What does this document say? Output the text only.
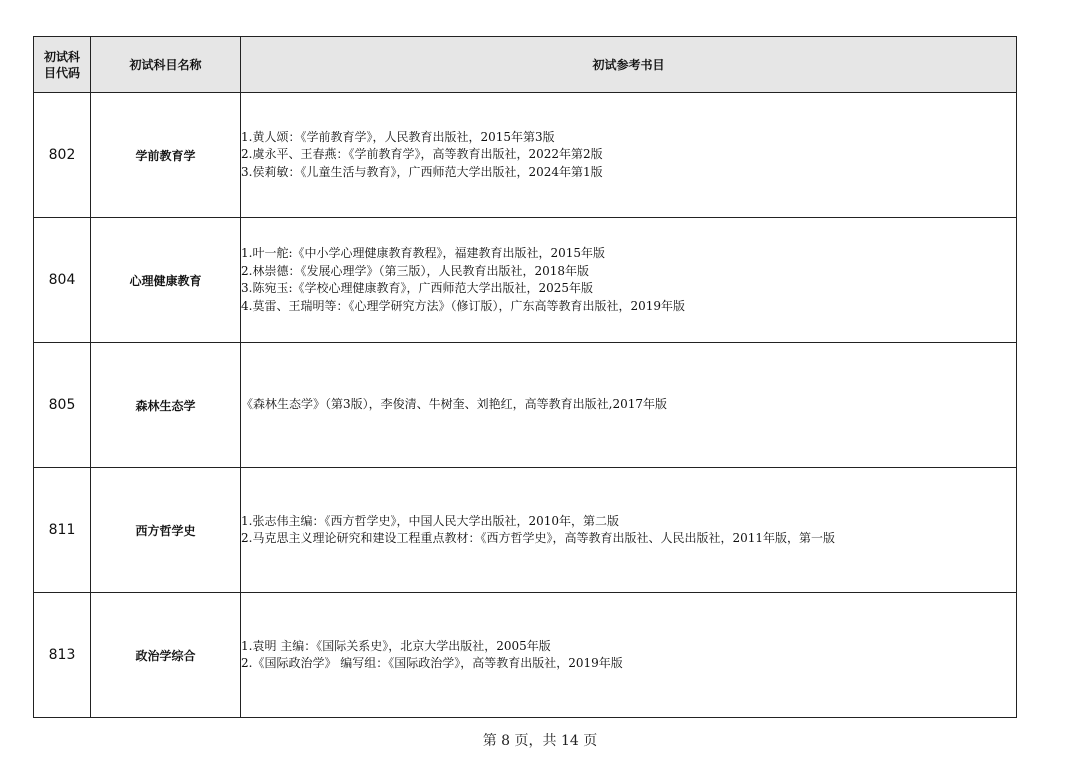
初试科目代码	初试科目名称	初试参考书目
802	学前教育学	1.黄人颂：《学前教育学》，人民教育出版社，2015年第3版
2.虞永平、王春燕：《学前教育学》，高等教育出版社，2022年第2版
3.侯莉敏：《儿童生活与教育》，广西师范大学出版社，2024年第1版

804	心理健康教育	1.叶一舵:《中小学心理健康教育教程》，福建教育出版社，2015年版
2.林崇德：《发展心理学》（第三版），人民教育出版社，2018年版
3.陈宛玉:《学校心理健康教育》，广西师范大学出版社，2025年版
4.莫雷、王瑞明等：《心理学研究方法》（修订版），广东高等教育出版社，2019年版

805	森林生态学	《森林生态学》（第3版），李俊清、牛树奎、刘艳红，高等教育出版社,2017年版

811	西方哲学史	1.张志伟主编：《西方哲学史》，中国人民大学出版社，2010年，第二版
2.马克思主义理论研究和建设工程重点教材：《西方哲学史》，高等教育出版社、人民出版社，2011年版，第一版

813	政治学综合	1.袁明 主编：《国际关系史》，北京大学出版社，2005年版
2.《国际政治学》 编写组：《国际政治学》，高等教育出版社，2019年版
第 8 页，共 14 页
